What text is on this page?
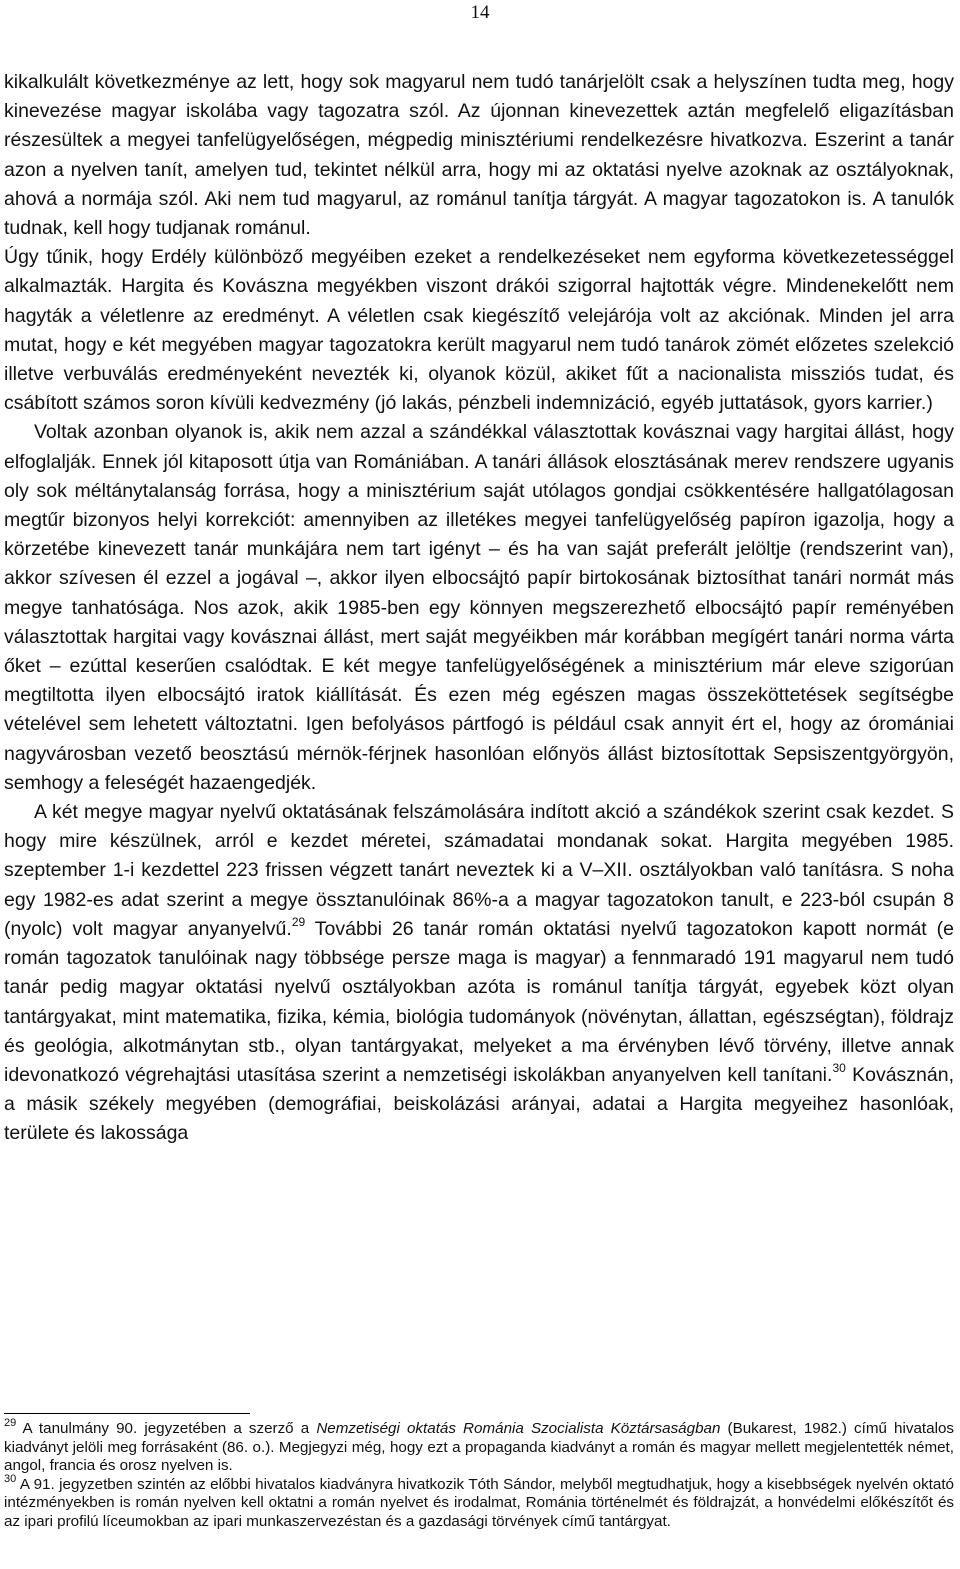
14

kikalkulált következménye az lett, hogy sok magyarul nem tudó tanárjelölt csak a helyszínen tudta meg, hogy kinevezése magyar iskolába vagy tagozatra szól. Az újonnan kinevezettek aztán megfelelő eligazításban részesültek a megyei tanfelügyelőségen, mégpedig minisztériumi rendelkezésre hivatkozva. Eszerint a tanár azon a nyelven tanít, amelyen tud, tekintet nélkül arra, hogy mi az oktatási nyelve azoknak az osztályoknak, ahová a normája szól. Aki nem tud magyarul, az románul tanítja tárgyát. A magyar tagozatokon is. A tanulók tudnak, kell hogy tudjanak románul.

Úgy tűnik, hogy Erdély különböző megyéiben ezeket a rendelkezéseket nem egyforma következetességgel alkalmazták. Hargita és Kovászna megyékben viszont drákói szigorral hajtották végre. Mindenekelőtt nem hagyták a véletlenre az eredményt. A véletlen csak kiegészítő velejárója volt az akciónak. Minden jel arra mutat, hogy e két megyében magyar tagozatokra került magyarul nem tudó tanárok zömét előzetes szelekció illetve verbuválás eredményeként nevezték ki, olyanok közül, akiket fűt a nacionalista missziós tudat, és csábított számos soron kívüli kedvezmény (jó lakás, pénzbeli indemnizáció, egyéb juttatások, gyors karrier.)

Voltak azonban olyanok is, akik nem azzal a szándékkal választottak kovásznai vagy hargitai állást, hogy elfoglalják. Ennek jól kitaposott útja van Romániában. A tanári állások elosztásának merev rendszere ugyanis oly sok méltánytalanság forrása, hogy a minisztérium saját utólagos gondjai csökkentésére hallgatólagosan megtűr bizonyos helyi korrekciót: amennyiben az illetékes megyei tanfelügyelőség papíron igazolja, hogy a körzetébe kinevezett tanár munkájára nem tart igényt – és ha van saját preferált jelöltje (rendszerint van), akkor szívesen él ezzel a jogával –, akkor ilyen elbocsájtó papír birtokosának biztosíthat tanári normát más megye tanhatósága. Nos azok, akik 1985-ben egy könnyen megszerezhető elbocsájtó papír reményében választottak hargitai vagy kovásznai állást, mert saját megyéikben már korábban megígért tanári norma várta őket – ezúttal keserűen csalódtak. E két megye tanfelügyelőségének a minisztérium már eleve szigorúan megtiltotta ilyen elbocsájtó iratok kiállítását. És ezen még egészen magas összeköttetések segítségbe vételével sem lehetett változtatni. Igen befolyásos pártfogó is például csak annyit ért el, hogy az óromániai nagyvárosban vezető beosztású mérnök-férjnek hasonlóan előnyös állást biztosítottak Sepsiszentgyörgyön, semhogy a feleségét hazaengedjék.

A két megye magyar nyelvű oktatásának felszámolására indított akció a szándékok szerint csak kezdet. S hogy mire készülnek, arról e kezdet méretei, számadatai mondanak sokat. Hargita megyében 1985. szeptember 1-i kezdettel 223 frissen végzett tanárt neveztek ki a V–XII. osztályokban való tanításra. S noha egy 1982-es adat szerint a megye össztanulóinak 86%-a a magyar tagozatokon tanult, e 223-ból csupán 8 (nyolc) volt magyar anyanyelvű.$^{29}$ További 26 tanár román oktatási nyelvű tagozatokon kapott normát (e román tagozatok tanulóinak nagy többsége persze maga is magyar) a fennmaradó 191 magyarul nem tudó tanár pedig magyar oktatási nyelvű osztályokban azóta is románul tanítja tárgyát, egyebek közt olyan tantárgyakat, mint matematika, fizika, kémia, biológia tudományok (növénytan, állattan, egészségtan), földrajz és geológia, alkotmánytan stb., olyan tantárgyakat, melyeket a ma érvényben lévő törvény, illetve annak idevonatkozó végrehajtási utasítása szerint a nemzetiségi iskolákban anyanyelven kell tanítani.$^{30}$ Kovásznán, a másik székely megyében (demográfiai, beiskolázási arányai, adatai a Hargita megyeihez hasonlóak, területe és lakossága

$^{29}$ A tanulmány 90. jegyzetében a szerző a Nemzetiségi oktatás Románia Szocialista Köztársaságban (Bukarest, 1982.) című hivatalos kiadványt jelöli meg forrásaként (86. o.). Megjegyzi még, hogy ezt a propaganda kiadványt a román és magyar mellett megjelentették német, angol, francia és orosz nyelven is.

$^{30}$ A 91. jegyzetben szintén az előbbi hivatalos kiadványra hivatkozik Tóth Sándor, melyből megtudhatjuk, hogy a kisebbségek nyelvén oktató intézményekben is román nyelven kell oktatni a román nyelvet és irodalmat, Románia történelmét és földrajzát, a honvédelmi előkészítőt és az ipari profilú líceumokban az ipari munkaszervezéstan és a gazdasági törvények című tantárgyat.
